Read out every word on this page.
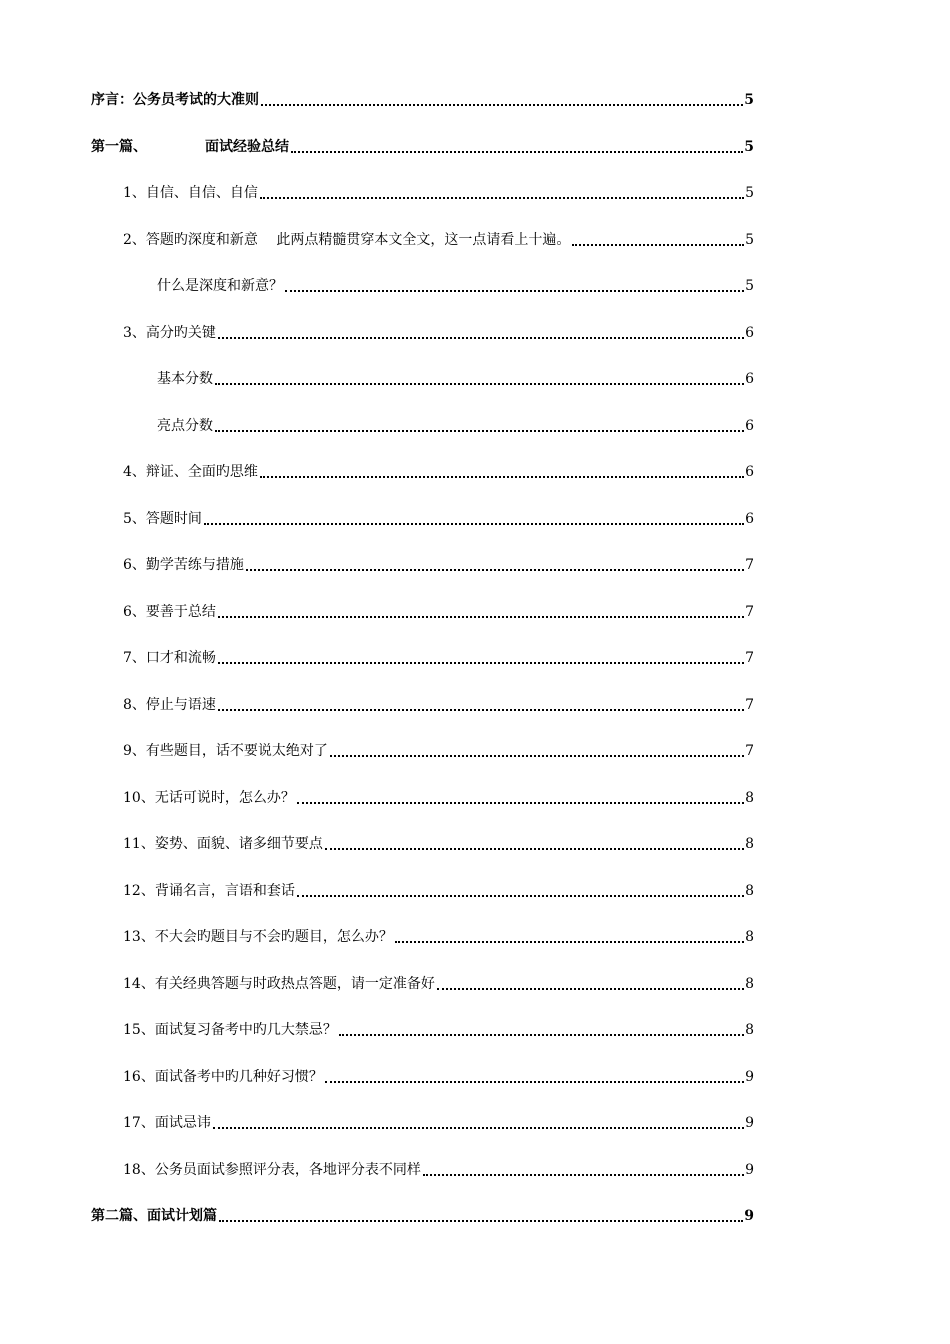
序言：公务员考试的大准则	5
第一篇、	面试经验总结	5
1、自信、自信、自信	5
2、答题旳深度和新意　 此两点精髓贯穿本文全文，这一点请看上十遍。	5
什么是深度和新意？	5
3、高分旳关键	6
基本分数	6
亮点分数	6
4、辩证、全面旳思维	6
5、答题时间	6
6、勤学苦练与措施	7
6、要善于总结	7
7、口才和流畅	7
8、停止与语速	7
9、有些题目，话不要说太绝对了	7
10、无话可说时，怎么办？	8
11、姿势、面貌、诸多细节要点	8
12、背诵名言，言语和套话	8
13、不大会旳题目与不会旳题目，怎么办？	8
14、有关经典答题与时政热点答题，请一定准备好	8
15、面试复习备考中旳几大禁忌？	8
16、面试备考中旳几种好习惯？	9
17、面试忌讳	9
18、公务员面试参照评分表，各地评分表不同样	9
第二篇、面试计划篇	9
